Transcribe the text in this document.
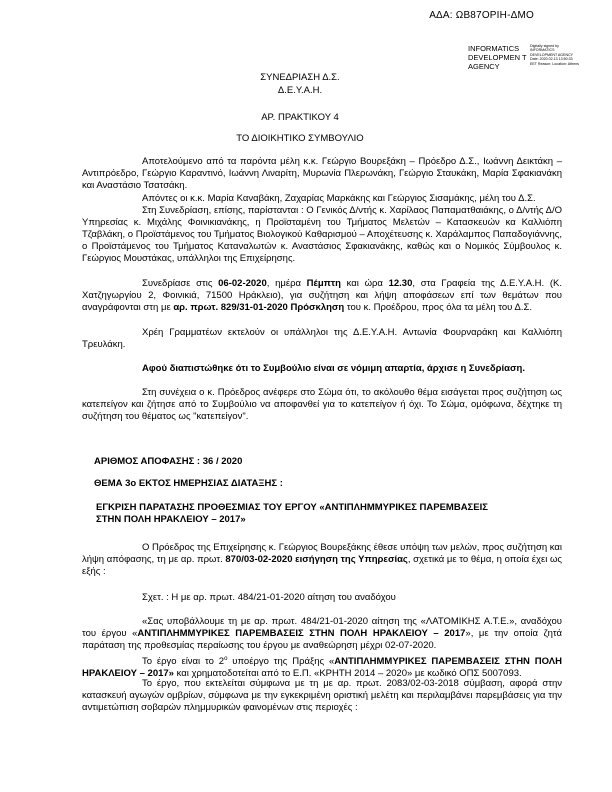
ΑΔΑ: ΩΒ87ΟΡΙΗ-ΔΜΟ
INFORMATICS DEVELOPMEN T AGENCY
Digitally signed by INFORMATICS DEVELOPMENT AGENCY Date: 2020.02.13 13:50:33 EET Reason: Location: Athens
ΣΥΝΕΔΡΙΑΣΗ Δ.Σ.
Δ.Ε.Υ.Α.Η.
ΑΡ. ΠΡΑΚΤΙΚΟΥ 4
ΤΟ ΔΙΟΙΚΗΤΙΚΟ ΣΥΜΒΟΥΛΙΟ
Αποτελούμενο από τα παρόντα μέλη κ.κ. Γεώργιο Βουρεξάκη – Πρόεδρο Δ.Σ., Ιωάννη Δεικτάκη – Αντιπρόεδρο, Γεώργιο Καραντινό, Ιωάννη Λιναρίτη, Μυρωνία Πλερωνάκη, Γεώργιο Σταυκάκη, Μαρία Σφακιανάκη και Αναστάσιο Τσατσάκη.
Απόντες οι κ.κ. Μαρία Καναβάκη, Ζαχαρίας Μαρκάκης και Γεώργιος Σισαμάκης, μέλη του Δ.Σ.
Στη Συνεδρίαση, επίσης, παρίστανται : Ο Γενικός Δ/ντής κ. Χαρίλαος Παπαματθαιάκης, ο Δ/ντής Δ/Ο Υπηρεσίας κ. Μιχάλης Φοινικιανάκης, η Προϊσταμένη του Τμήματος Μελετών – Κατασκευών κα Καλλιόπη Τζαβλάκη, ο Προϊστάμενος του Τμήματος Βιολογικού Καθαρισμού – Αποχέτευσης κ. Χαράλαμπος Παπαδογιάννης, ο Προϊστάμενος του Τμήματος Καταναλωτών κ. Αναστάσιος Σφακιανάκης, καθώς και ο Νομικός Σύμβουλος κ. Γεώργιος Μουστάκας, υπάλληλοι της Επιχείρησης.
Συνεδρίασε στις 06-02-2020, ημέρα Πέμπτη και ώρα 12.30, στα Γραφεία της Δ.Ε.Υ.Α.Η. (Κ. Χατζηγωργίου 2, Φοινικιά, 71500 Ηράκλειο), για συζήτηση και λήψη αποφάσεων επί των θεμάτων που αναγράφονται στη με αρ. πρωτ. 829/31-01-2020 Πρόσκληση του κ. Προέδρου, προς όλα τα μέλη του Δ.Σ.
Χρέη Γραμματέων εκτελούν οι υπάλληλοι της Δ.Ε.Υ.Α.Η. Αντωνία Φουρναράκη και Καλλιόπη Τρευλάκη.
Αφού διαπιστώθηκε ότι το Συμβούλιο είναι σε νόμιμη απαρτία, άρχισε η Συνεδρίαση.
Στη συνέχεια ο κ. Πρόεδρος ανέφερε στο Σώμα ότι, το ακόλουθο θέμα εισάγεται προς συζήτηση ως κατεπείγον και ζήτησε από το Συμβούλιο να αποφανθεί για το κατεπείγον ή όχι. Το Σώμα, ομόφωνα, δέχτηκε τη συζήτηση του θέματος ως "κατεπείγον".
ΑΡΙΘΜΟΣ ΑΠΟΦΑΣΗΣ : 36 / 2020
ΘΕΜΑ 3ο ΕΚΤΟΣ ΗΜΕΡΗΣΙΑΣ ΔΙΑΤΑΞΗΣ :
ΕΓΚΡΙΣΗ ΠΑΡΑΤΑΣΗΣ ΠΡΟΘΕΣΜΙΑΣ ΤΟΥ ΕΡΓΟΥ «ΑΝΤΙΠΛΗΜΜΥΡΙΚΕΣ ΠΑΡΕΜΒΑΣΕΙΣ
ΣΤΗΝ ΠΟΛΗ ΗΡΑΚΛΕΙΟΥ – 2017»
Ο Πρόεδρος της Επιχείρησης κ. Γεώργιος Βουρεξάκης έθεσε υπόψη των μελών, προς συζήτηση και λήψη απόφασης, τη με αρ. πρωτ. 870/03-02-2020 εισήγηση της Υπηρεσίας, σχετικά με το θέμα, η οποία έχει ως εξής :
Σχετ. : Η με αρ. πρωτ. 484/21-01-2020 αίτηση του αναδόχου
«Σας υποβάλλουμε τη με αρ. πρωτ. 484/21-01-2020 αίτηση της «ΛΑΤΟΜΙΚΗΣ Α.Τ.Ε.», αναδόχου του έργου «ΑΝΤΙΠΛΗΜΜΥΡΙΚΕΣ ΠΑΡΕΜΒΑΣΕΙΣ ΣΤΗΝ ΠΟΛΗ ΗΡΑΚΛΕΙΟΥ – 2017», με την οποία ζητά παράταση της προθεσμίας περαίωσης του έργου με αναθεώρηση μέχρι 02-07-2020.
Το έργο είναι το $2^o$ υποέργο της Πράξης «ΑΝΤΙΠΛΗΜΜΥΡΙΚΕΣ ΠΑΡΕΜΒΑΣΕΙΣ ΣΤΗΝ ΠΟΛΗ ΗΡΑΚΛΕΙΟΥ – 2017» και χρηματοδοτείται από το Ε.Π. «ΚΡΗΤΗ 2014 – 2020» με κωδικό ΟΠΣ 5007093.
Το έργο, που εκτελείται σύμφωνα με τη με αρ. πρωτ. 2083/02-03-2018 σύμβαση, αφορά στην κατασκευή αγωγών ομβρίων, σύμφωνα με την εγκεκριμένη οριστική μελέτη και περιλαμβάνει παρεμβάσεις για την αντιμετώπιση σοβαρών πλημμυρικών φαινομένων στις περιοχές :
